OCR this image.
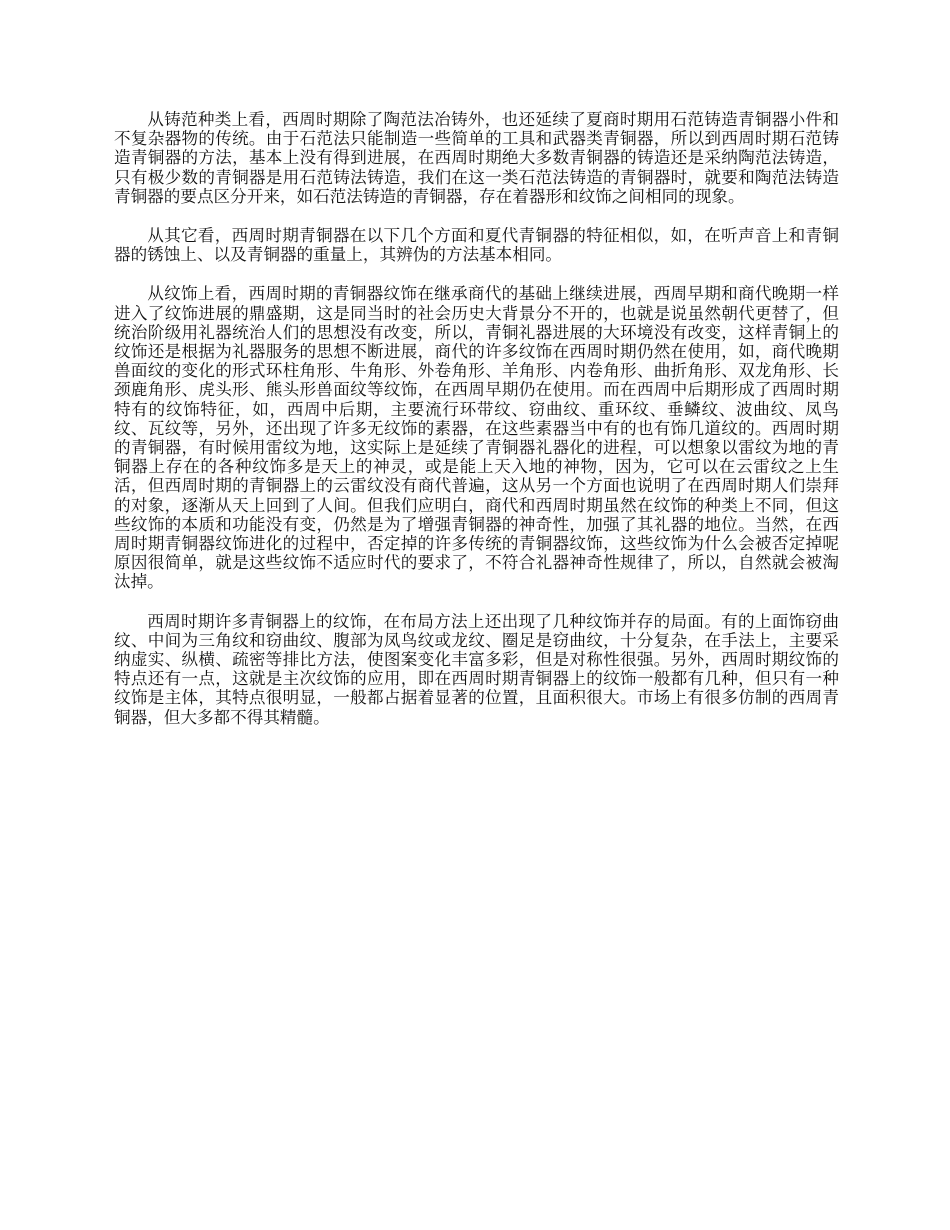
从铸范种类上看，西周时期除了陶范法冶铸外，也还延续了夏商时期用石范铸造青铜器小件和不复杂器物的传统。由于石范法只能制造一些简单的工具和武器类青铜器，所以到西周时期石范铸造青铜器的方法，基本上没有得到进展，在西周时期绝大多数青铜器的铸造还是采纳陶范法铸造，只有极少数的青铜器是用石范铸法铸造，我们在这一类石范法铸造的青铜器时，就要和陶范法铸造青铜器的要点区分开来，如石范法铸造的青铜器，存在着器形和纹饰之间相同的现象。

从其它看，西周时期青铜器在以下几个方面和夏代青铜器的特征相似，如，在听声音上和青铜器的锈蚀上、以及青铜器的重量上，其辨伪的方法基本相同。

从纹饰上看，西周时期的青铜器纹饰在继承商代的基础上继续进展，西周早期和商代晚期一样进入了纹饰进展的鼎盛期，这是同当时的社会历史大背景分不开的，也就是说虽然朝代更替了，但统治阶级用礼器统治人们的思想没有改变，所以，青铜礼器进展的大环境没有改变，这样青铜上的纹饰还是根据为礼器服务的思想不断进展，商代的许多纹饰在西周时期仍然在使用，如，商代晚期兽面纹的变化的形式环柱角形、牛角形、外卷角形、羊角形、内卷角形、曲折角形、双龙角形、长颈鹿角形、虎头形、熊头形兽面纹等纹饰，在西周早期仍在使用。而在西周中后期形成了西周时期特有的纹饰特征，如，西周中后期，主要流行环带纹、窃曲纹、重环纹、垂鳞纹、波曲纹、凤鸟纹、瓦纹等，另外，还出现了许多无纹饰的素器，在这些素器当中有的也有饰几道纹的。西周时期的青铜器，有时候用雷纹为地，这实际上是延续了青铜器礼器化的进程，可以想象以雷纹为地的青铜器上存在的各种纹饰多是天上的神灵，或是能上天入地的神物，因为，它可以在云雷纹之上生活，但西周时期的青铜器上的云雷纹没有商代普遍，这从另一个方面也说明了在西周时期人们崇拜的对象，逐渐从天上回到了人间。但我们应明白，商代和西周时期虽然在纹饰的种类上不同，但这些纹饰的本质和功能没有变，仍然是为了增强青铜器的神奇性，加强了其礼器的地位。当然，在西周时期青铜器纹饰进化的过程中，否定掉的许多传统的青铜器纹饰，这些纹饰为什么会被否定掉呢原因很简单，就是这些纹饰不适应时代的要求了，不符合礼器神奇性规律了，所以，自然就会被淘汰掉。

西周时期许多青铜器上的纹饰，在布局方法上还出现了几种纹饰并存的局面。有的上面饰窃曲纹、中间为三角纹和窃曲纹、腹部为凤鸟纹或龙纹、圈足是窃曲纹，十分复杂，在手法上，主要采纳虚实、纵横、疏密等排比方法，使图案变化丰富多彩，但是对称性很强。另外，西周时期纹饰的特点还有一点，这就是主次纹饰的应用，即在西周时期青铜器上的纹饰一般都有几种，但只有一种纹饰是主体，其特点很明显，一般都占据着显著的位置，且面积很大。市场上有很多仿制的西周青铜器，但大多都不得其精髓。
